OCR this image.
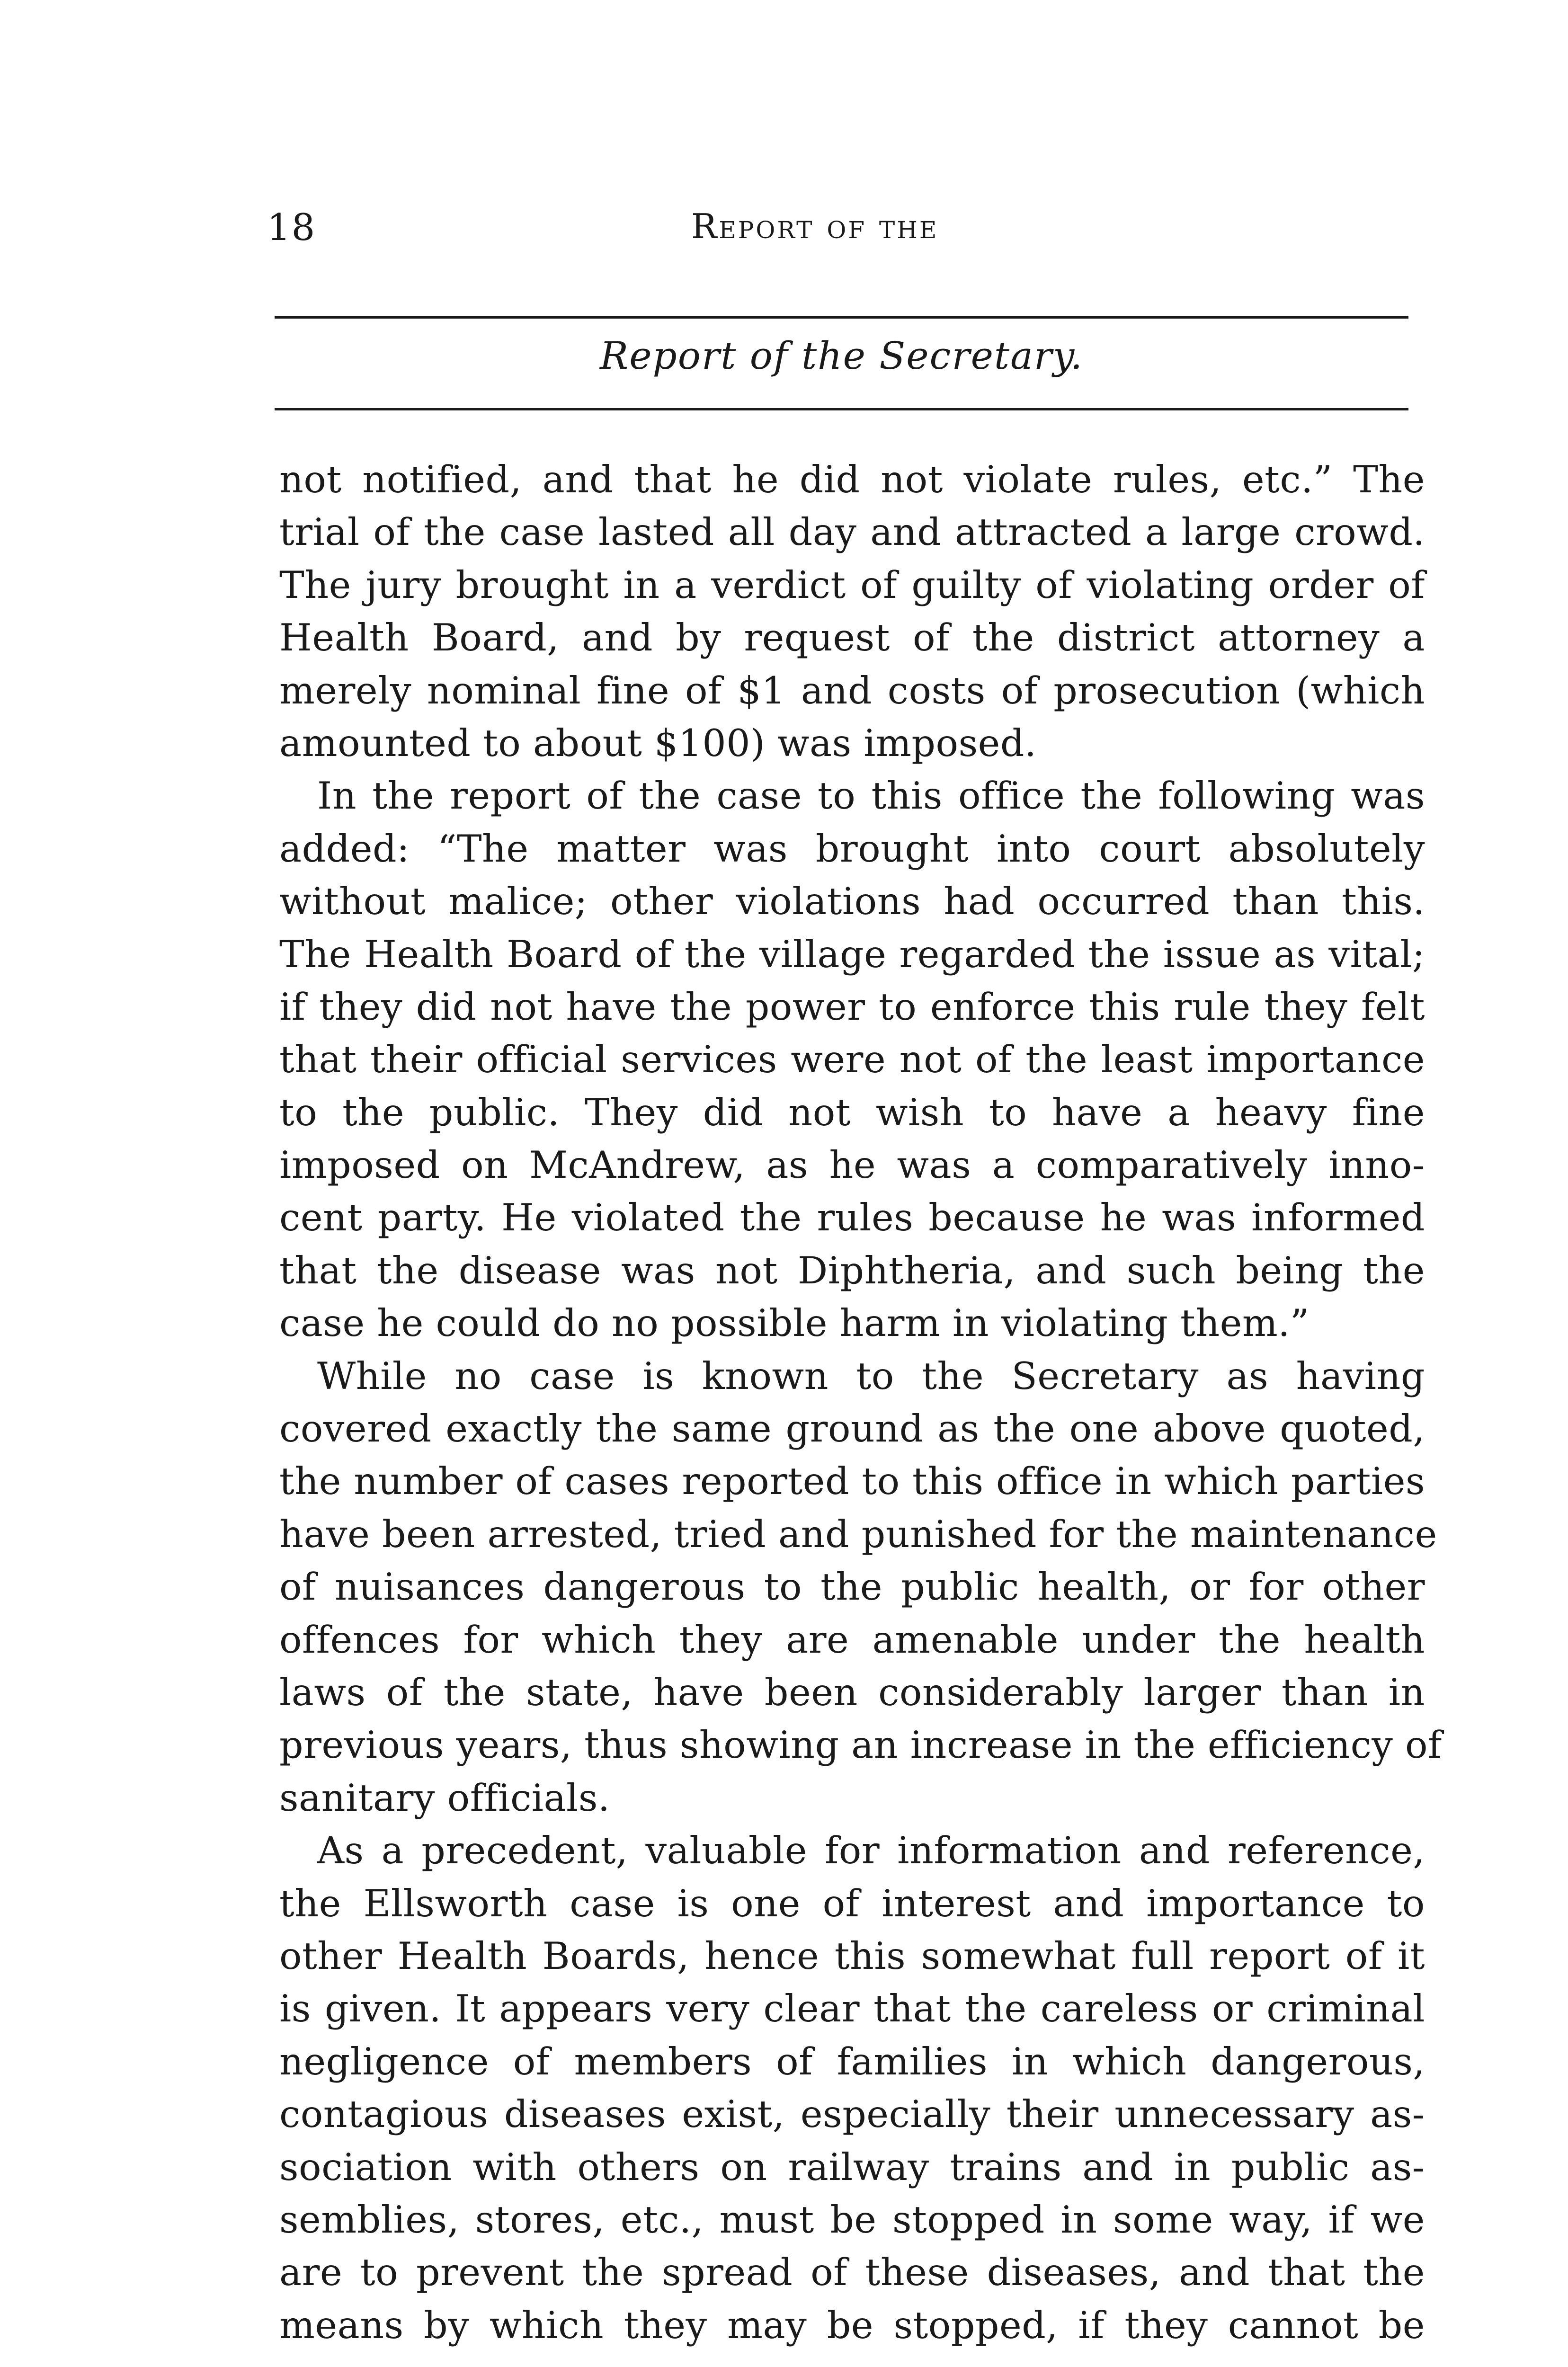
18	Report of the
Report of the Secretary.
not notified, and that he did not violate rules, etc.” The
trial of the case lasted all day and attracted a large crowd.
The jury brought in a verdict of guilty of violating order of
Health Board, and by request of the district attorney a
merely nominal fine of $1 and costs of prosecution (which
amounted to about $100) was imposed.
In the report of the case to this office the following was
added: “The matter was brought into court absolutely
without malice; other violations had occurred than this.
The Health Board of the village regarded the issue as vital;
if they did not have the power to enforce this rule they felt
that their official services were not of the least importance
to the public. They did not wish to have a heavy fine
imposed on McAndrew, as he was a comparatively inno-
cent party. He violated the rules because he was informed
that the disease was not Diphtheria, and such being the
case he could do no possible harm in violating them.”
While no case is known to the Secretary as having
covered exactly the same ground as the one above quoted,
the number of cases reported to this office in which parties
have been arrested, tried and punished for the maintenance
of nuisances dangerous to the public health, or for other
offences for which they are amenable under the health
laws of the state, have been considerably larger than in
previous years, thus showing an increase in the efficiency of
sanitary officials.
As a precedent, valuable for information and reference,
the Ellsworth case is one of interest and importance to
other Health Boards, hence this somewhat full report of it
is given. It appears very clear that the careless or criminal
negligence of members of families in which dangerous,
contagious diseases exist, especially their unnecessary as-
sociation with others on railway trains and in public as-
semblies, stores, etc., must be stopped in some way, if we
are to prevent the spread of these diseases, and that the
means by which they may be stopped, if they cannot be
